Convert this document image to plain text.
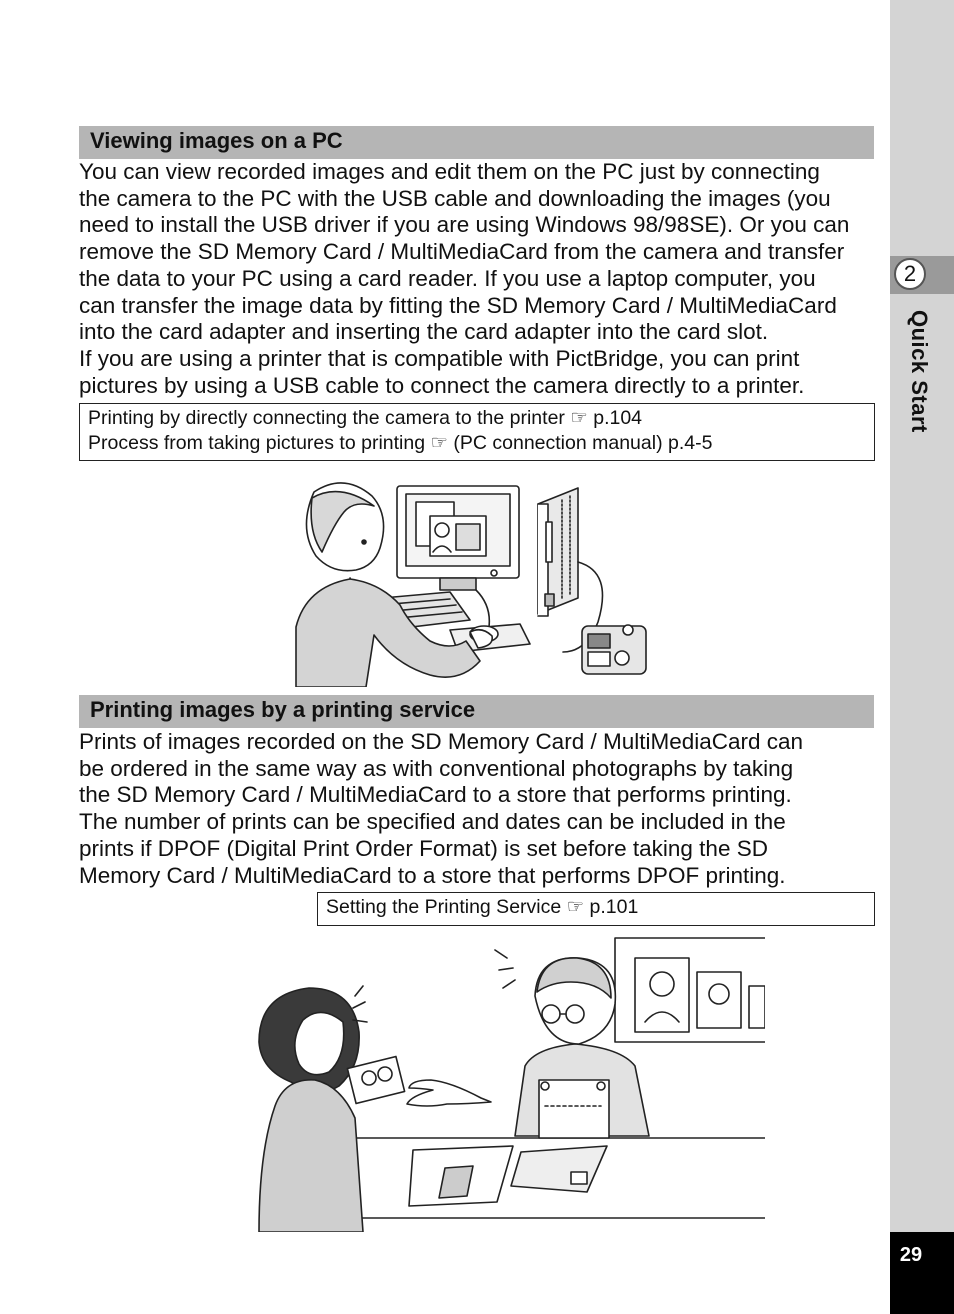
2
Quick Start
29
Viewing images on a PC
You can view recorded images and edit them on the PC just by connecting
the camera to the PC with the USB cable and downloading the images (you
need to install the USB driver if you are using Windows 98/98SE). Or you can
remove the SD Memory Card / MultiMediaCard from the camera and transfer
the data to your PC using a card reader. If you use a laptop computer, you
can transfer the image data by fitting the SD Memory Card / MultiMediaCard
into the card adapter and inserting the card adapter into the card slot.
If you are using a printer that is compatible with PictBridge, you can print
pictures by using a USB cable to connect the camera directly to a printer.
Printing by directly connecting the camera to the printer ☞ p.104
Process from taking pictures to printing ☞ (PC connection manual) p.4-5
Printing images by a printing service
Prints of images recorded on the SD Memory Card / MultiMediaCard can
be ordered in the same way as with conventional photographs by taking
the SD Memory Card / MultiMediaCard to a store that performs printing.
The number of prints can be specified and dates can be included in the
prints if DPOF (Digital Print Order Format) is set before taking the SD
Memory Card / MultiMediaCard to a store that performs DPOF printing.
Setting the Printing Service ☞ p.101
